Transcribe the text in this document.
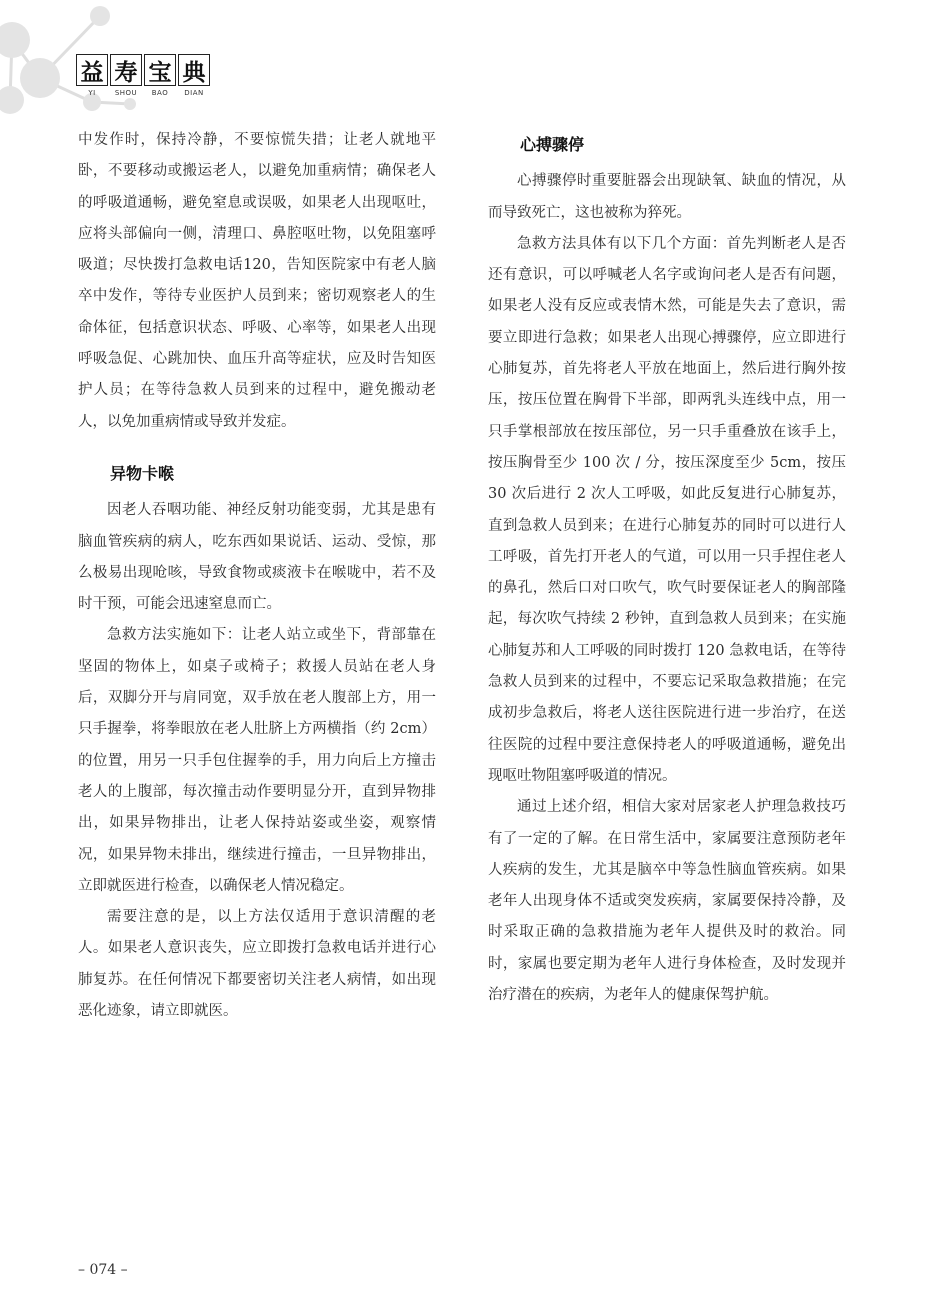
益 寿 宝 典
YI	SHOU	BAO	DIAN

中发作时，保持冷静，不要惊慌失措；让老人就地平卧，不要移动或搬运老人，以避免加重病情；确保老人的呼吸道通畅，避免窒息或误吸，如果老人出现呕吐，应将头部偏向一侧，清理口、鼻腔呕吐物，以免阻塞呼吸道；尽快拨打急救电话120，告知医院家中有老人脑卒中发作，等待专业医护人员到来；密切观察老人的生命体征，包括意识状态、呼吸、心率等，如果老人出现呼吸急促、心跳加快、血压升高等症状，应及时告知医护人员；在等待急救人员到来的过程中，避免搬动老人，以免加重病情或导致并发症。

异物卡喉

因老人吞咽功能、神经反射功能变弱，尤其是患有脑血管疾病的病人，吃东西如果说话、运动、受惊，那么极易出现呛咳，导致食物或痰液卡在喉咙中，若不及时干预，可能会迅速窒息而亡。

急救方法实施如下：让老人站立或坐下，背部靠在坚固的物体上，如桌子或椅子；救援人员站在老人身后，双脚分开与肩同宽，双手放在老人腹部上方，用一只手握拳，将拳眼放在老人肚脐上方两横指（约 2cm）的位置，用另一只手包住握拳的手，用力向后上方撞击老人的上腹部，每次撞击动作要明显分开，直到异物排出，如果异物排出，让老人保持站姿或坐姿，观察情况，如果异物未排出，继续进行撞击，一旦异物排出，立即就医进行检查，以确保老人情况稳定。

需要注意的是，以上方法仅适用于意识清醒的老人。如果老人意识丧失，应立即拨打急救电话并进行心肺复苏。在任何情况下都要密切关注老人病情，如出现恶化迹象，请立即就医。

心搏骤停

心搏骤停时重要脏器会出现缺氧、缺血的情况，从而导致死亡，这也被称为猝死。

急救方法具体有以下几个方面：首先判断老人是否还有意识，可以呼喊老人名字或询问老人是否有问题，如果老人没有反应或表情木然，可能是失去了意识，需要立即进行急救；如果老人出现心搏骤停，应立即进行心肺复苏，首先将老人平放在地面上，然后进行胸外按压，按压位置在胸骨下半部，即两乳头连线中点，用一只手掌根部放在按压部位，另一只手重叠放在该手上，按压胸骨至少 100 次 / 分，按压深度至少 5cm，按压 30 次后进行 2 次人工呼吸，如此反复进行心肺复苏，直到急救人员到来；在进行心肺复苏的同时可以进行人工呼吸，首先打开老人的气道，可以用一只手捏住老人的鼻孔，然后口对口吹气，吹气时要保证老人的胸部隆起，每次吹气持续 2 秒钟，直到急救人员到来；在实施心肺复苏和人工呼吸的同时拨打 120 急救电话，在等待急救人员到来的过程中，不要忘记采取急救措施；在完成初步急救后，将老人送往医院进行进一步治疗，在送往医院的过程中要注意保持老人的呼吸道通畅，避免出现呕吐物阻塞呼吸道的情况。

通过上述介绍，相信大家对居家老人护理急救技巧有了一定的了解。在日常生活中，家属要注意预防老年人疾病的发生，尤其是脑卒中等急性脑血管疾病。如果老年人出现身体不适或突发疾病，家属要保持冷静，及时采取正确的急救措施为老年人提供及时的救治。同时，家属也要定期为老年人进行身体检查，及时发现并治疗潜在的疾病，为老年人的健康保驾护航。

– 074 –
